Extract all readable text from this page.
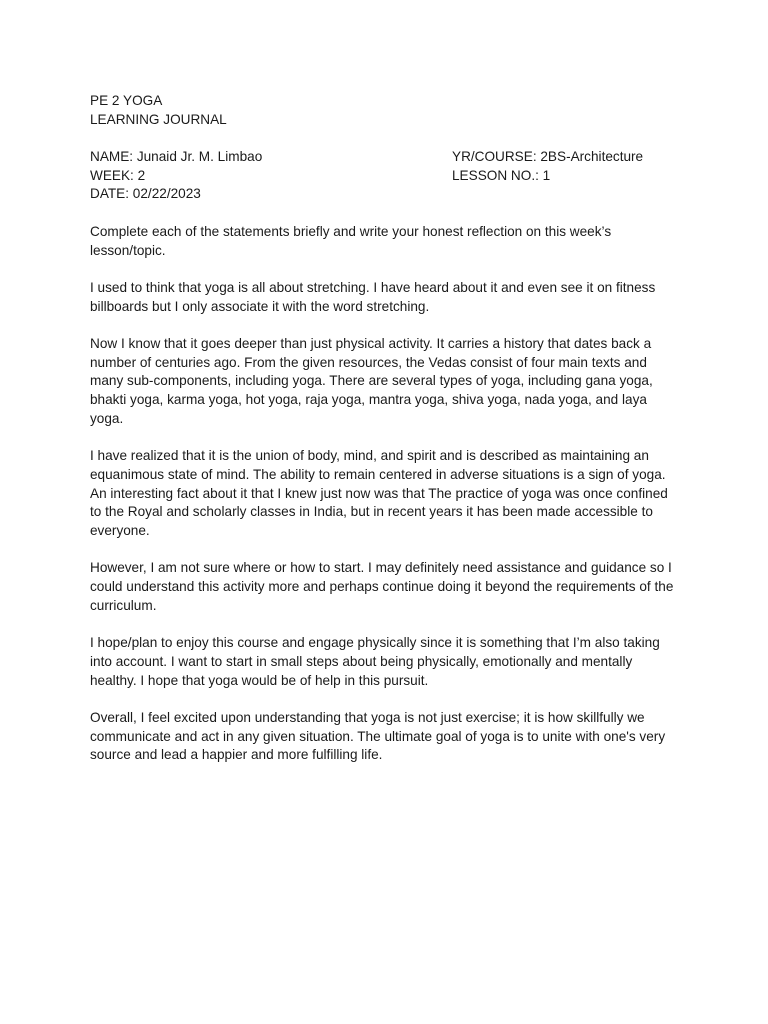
PE 2 YOGA
LEARNING JOURNAL
NAME: Junaid Jr. M. Limbao	YR/COURSE: 2BS-Architecture
WEEK: 2	LESSON NO.: 1
DATE: 02/22/2023

Complete each of the statements briefly and write your honest reflection on this week’s lesson/topic.

I used to think that yoga is all about stretching. I have heard about it and even see it on fitness billboards but I only associate it with the word stretching.

Now I know that it goes deeper than just physical activity. It carries a history that dates back a number of centuries ago. From the given resources, the Vedas consist of four main texts and many sub-components, including yoga. There are several types of yoga, including gana yoga, bhakti yoga, karma yoga, hot yoga, raja yoga, mantra yoga, shiva yoga, nada yoga, and laya yoga.

I have realized that it is the union of body, mind, and spirit and is described as maintaining an equanimous state of mind. The ability to remain centered in adverse situations is a sign of yoga. An interesting fact about it that I knew just now was that The practice of yoga was once confined to the Royal and scholarly classes in India, but in recent years it has been made accessible to everyone.

However, I am not sure where or how to start. I may definitely need assistance and guidance so I could understand this activity more and perhaps continue doing it beyond the requirements of the curriculum.

I hope/plan to enjoy this course and engage physically since it is something that I’m also taking into account. I want to start in small steps about being physically, emotionally and mentally healthy. I hope that yoga would be of help in this pursuit.

Overall, I feel excited upon understanding that yoga is not just exercise; it is how skillfully we communicate and act in any given situation. The ultimate goal of yoga is to unite with one's very source and lead a happier and more fulfilling life.
